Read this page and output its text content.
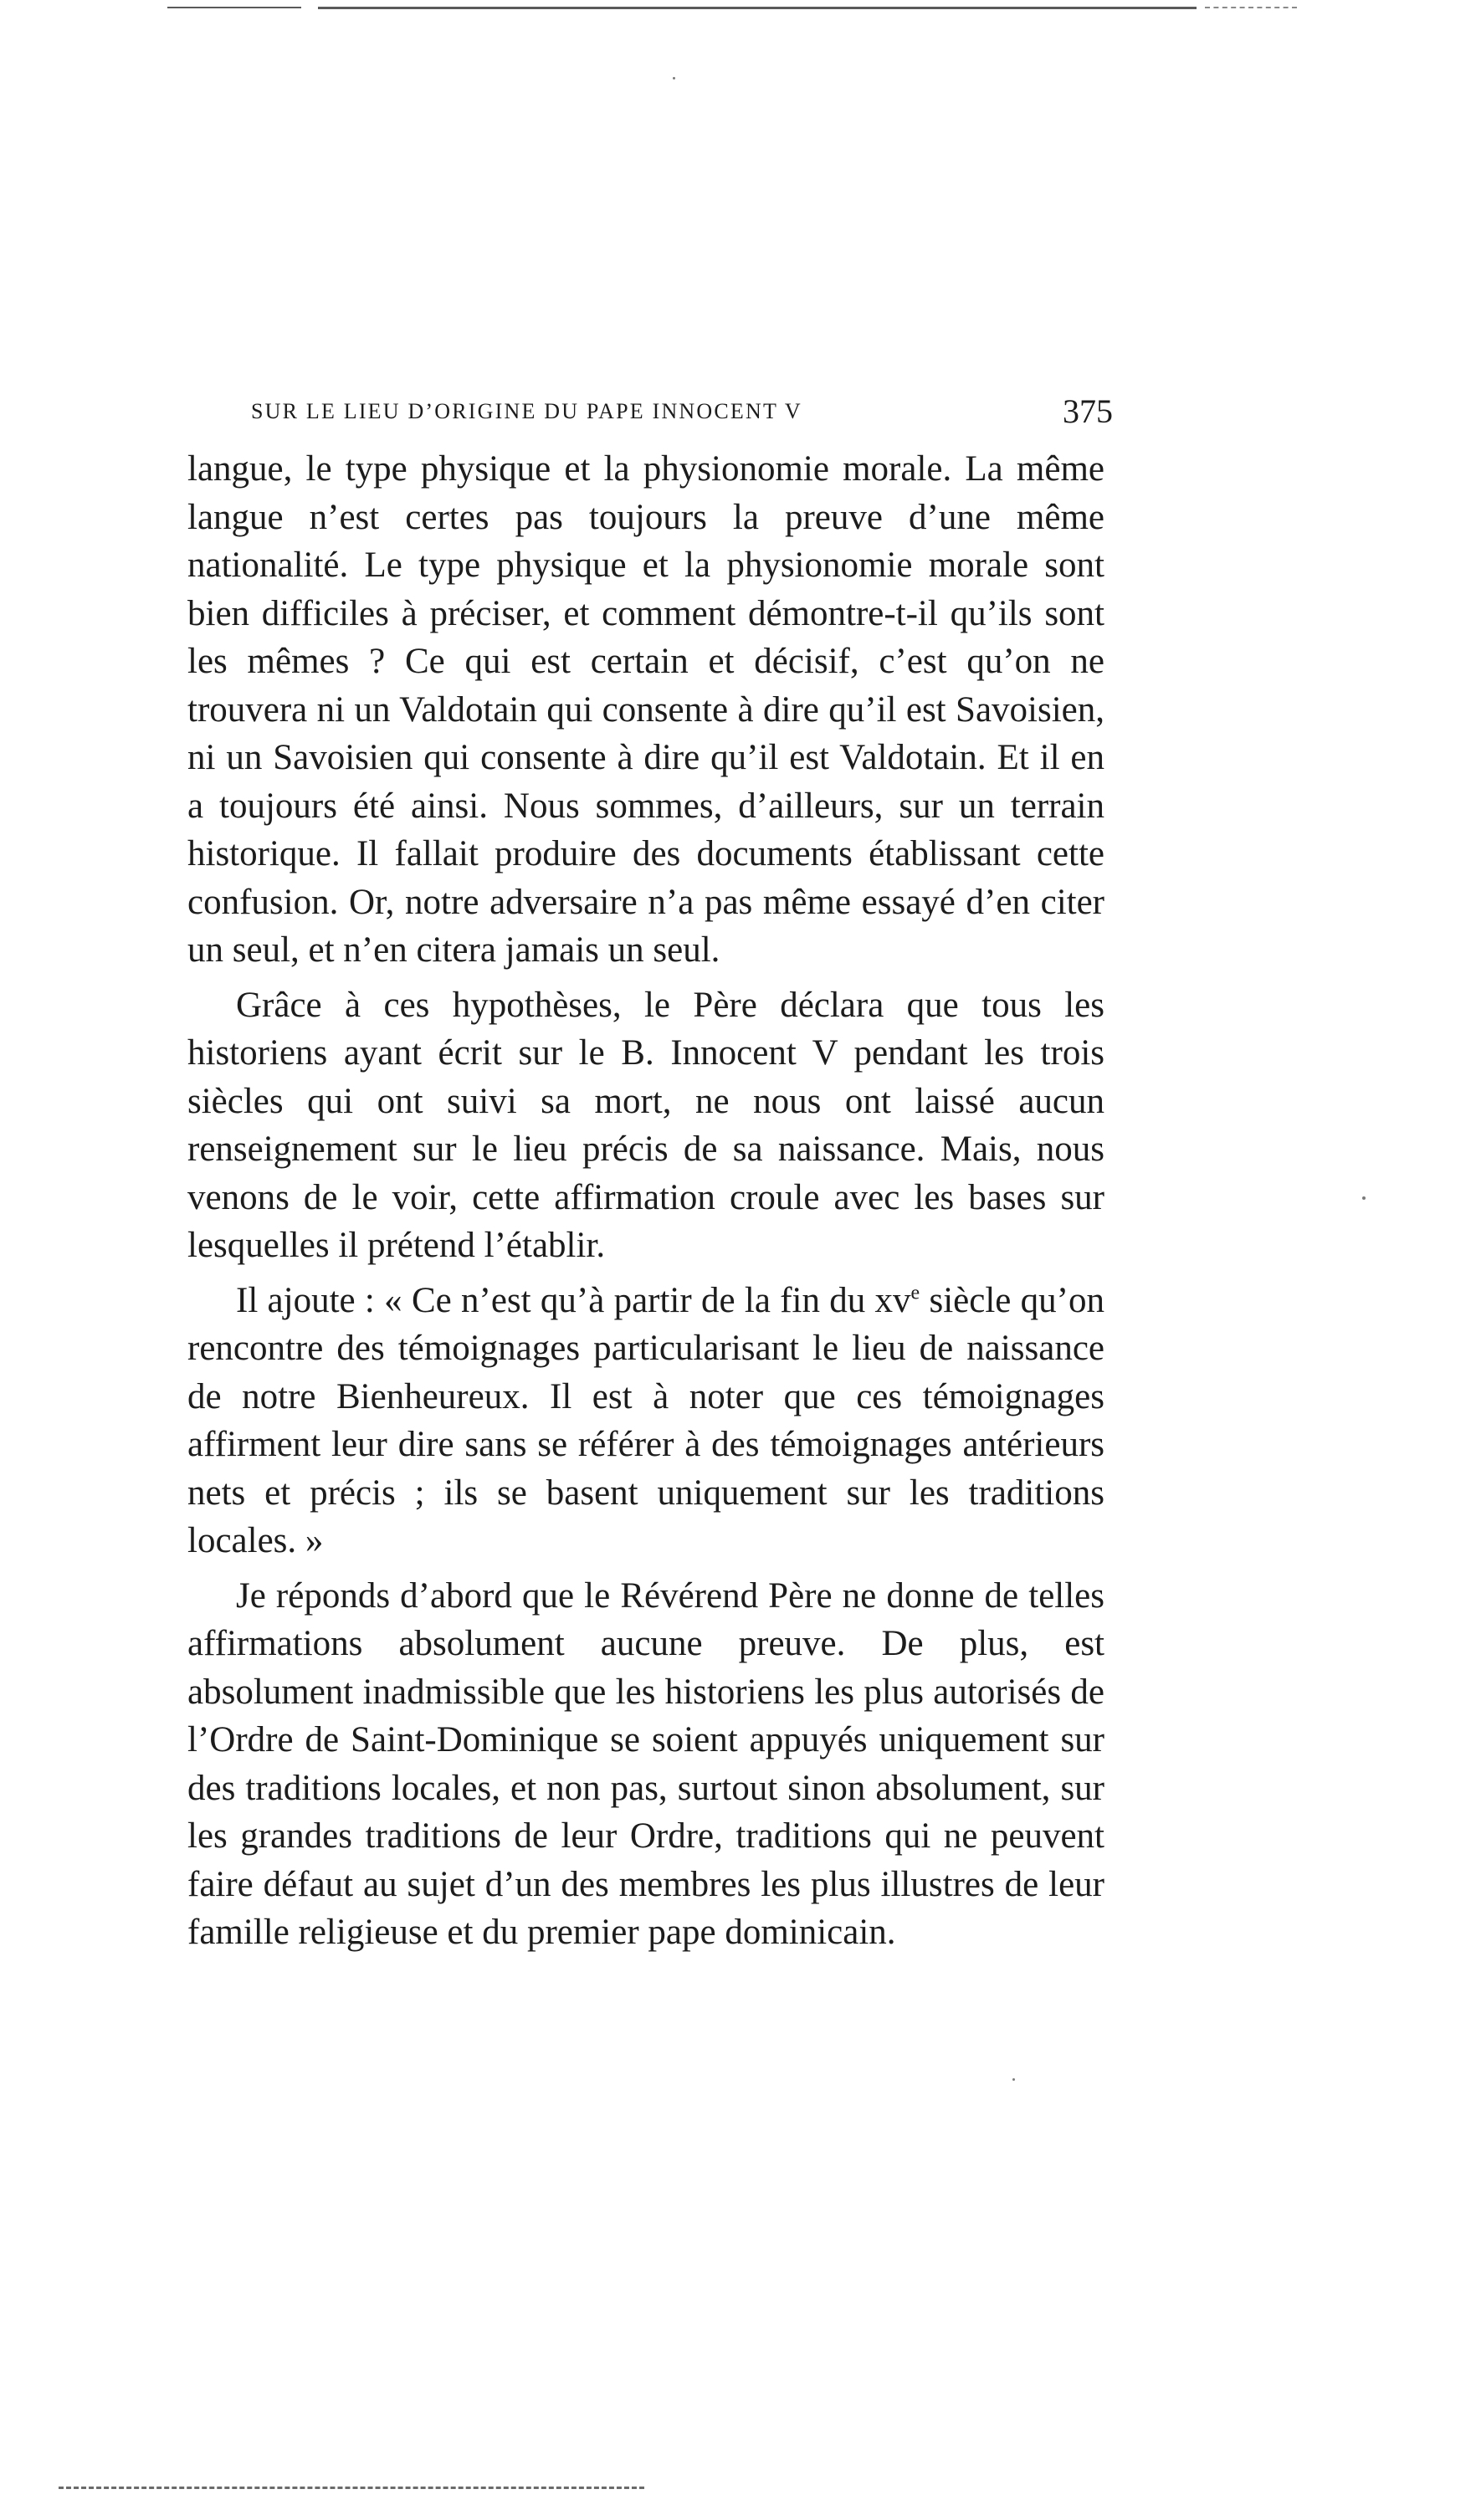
SUR LE LIEU D’ORIGINE DU PAPE INNOCENT V	375

langue, le type physique et la physionomie morale. La même langue n’est certes pas toujours la preuve d’une même nationalité. Le type physique et la physionomie morale sont bien difficiles à préciser, et comment démontre-t-il qu’ils sont les mêmes ? Ce qui est certain et décisif, c’est qu’on ne trouvera ni un Valdotain qui consente à dire qu’il est Savoisien, ni un Savoisien qui consente à dire qu’il est Valdotain. Et il en a toujours été ainsi. Nous sommes, d’ailleurs, sur un terrain historique. Il fallait produire des documents établissant cette confusion. Or, notre adversaire n’a pas même essayé d’en citer un seul, et n’en citera jamais un seul.

Grâce à ces hypothèses, le Père déclara que tous les historiens ayant écrit sur le B. Innocent V pendant les trois siècles qui ont suivi sa mort, ne nous ont laissé aucun renseignement sur le lieu précis de sa naissance. Mais, nous venons de le voir, cette affirmation croule avec les bases sur lesquelles il prétend l’établir.

Il ajoute : « Ce n’est qu’à partir de la fin du $xv^e$ siècle qu’on rencontre des témoignages particularisant le lieu de naissance de notre Bienheureux. Il est à noter que ces témoignages affirment leur dire sans se référer à des témoignages antérieurs nets et précis ; ils se basent uniquement sur les traditions locales. »

Je réponds d’abord que le Révérend Père ne donne de telles affirmations absolument aucune preuve. De plus, est absolument inadmissible que les historiens les plus autorisés de l’Ordre de Saint-Dominique se soient appuyés uniquement sur des traditions locales, et non pas, surtout sinon absolument, sur les grandes traditions de leur Ordre, traditions qui ne peuvent faire défaut au sujet d’un des membres les plus illustres de leur famille religieuse et du premier pape dominicain.
